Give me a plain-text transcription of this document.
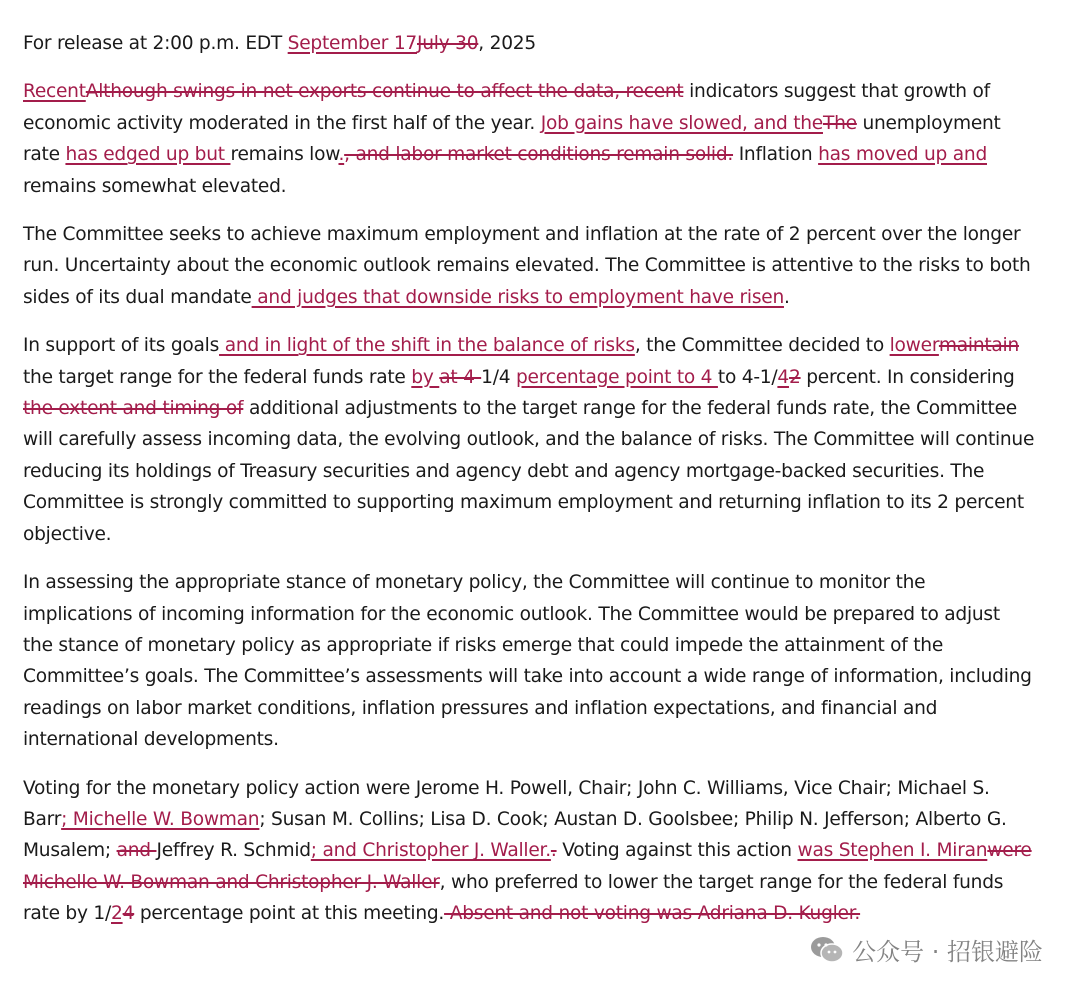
For release at 2:00 p.m. EDT September 17July 30, 2025

RecentAlthough swings in net exports continue to affect the data, recent indicators suggest that growth of economic activity moderated in the first half of the year. Job gains have slowed, and theThe unemployment rate has edged up but remains low., and labor market conditions remain solid. Inflation has moved up and remains somewhat elevated.

The Committee seeks to achieve maximum employment and inflation at the rate of 2 percent over the longer run. Uncertainty about the economic outlook remains elevated. The Committee is attentive to the risks to both sides of its dual mandate and judges that downside risks to employment have risen.

In support of its goals and in light of the shift in the balance of risks, the Committee decided to lowermaintain the target range for the federal funds rate by at 4-1/4 percentage point to 4 to 4-1/42 percent. In considering the extent and timing of additional adjustments to the target range for the federal funds rate, the Committee will carefully assess incoming data, the evolving outlook, and the balance of risks. The Committee will continue reducing its holdings of Treasury securities and agency debt and agency mortgage-backed securities. The Committee is strongly committed to supporting maximum employment and returning inflation to its 2 percent objective.

In assessing the appropriate stance of monetary policy, the Committee will continue to monitor the implications of incoming information for the economic outlook. The Committee would be prepared to adjust the stance of monetary policy as appropriate if risks emerge that could impede the attainment of the Committee’s goals. The Committee’s assessments will take into account a wide range of information, including readings on labor market conditions, inflation pressures and inflation expectations, and financial and international developments.

Voting for the monetary policy action were Jerome H. Powell, Chair; John C. Williams, Vice Chair; Michael S. Barr; Michelle W. Bowman; Susan M. Collins; Lisa D. Cook; Austan D. Goolsbee; Philip N. Jefferson; Alberto G. Musalem; and Jeffrey R. Schmid; and Christopher J. Waller.. Voting against this action was Stephen I. Miranwere Michelle W. Bowman and Christopher J. Waller, who preferred to lower the target range for the federal funds rate by 1/24 percentage point at this meeting. Absent and not voting was Adriana D. Kugler.

公众号 · 招银避险
